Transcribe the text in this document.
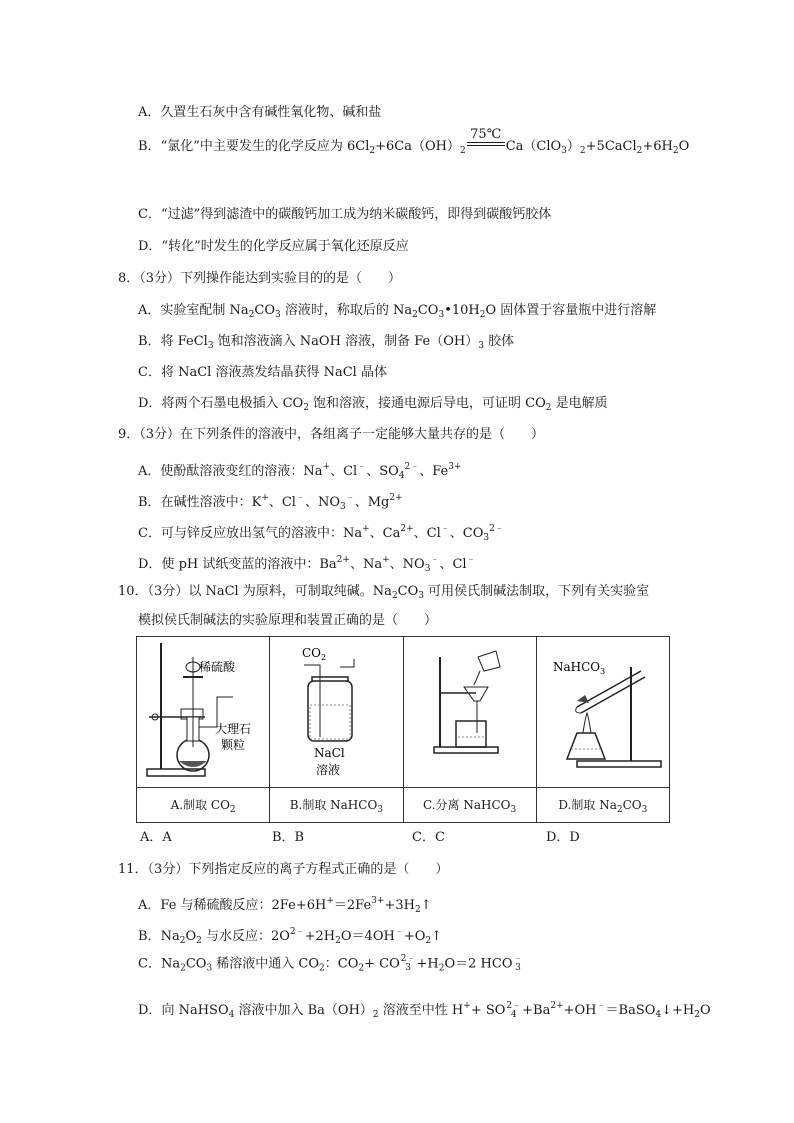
A．久置生石灰中含有碱性氧化物、碱和盐
B．“氯化”中主要发生的化学反应为 $6Cl_2+6Ca(OH)_2$
75℃
$Ca(ClO_3)_2+5CaCl_2+6H_2O$
C．“过滤”得到滤渣中的碳酸钙加工成为纳米碳酸钙，即得到碳酸钙胶体
D．“转化”时发生的化学反应属于氧化还原反应
8．（3分）下列操作能达到实验目的的是（　　）
A．实验室配制 $Na_2CO_3$ 溶液时，称取后的 $Na_2CO_3•10H_2O$ 固体置于容量瓶中进行溶解
B．将 FeCl$_3$ 饱和溶液滴入 NaOH 溶液，制备 $Fe(OH)_3$ 胶体
C．将 NaCl 溶液蒸发结晶获得 NaCl 晶体
D．将两个石墨电极插入 $CO_2$ 饱和溶液，接通电源后导电，可证明 $CO_2$ 是电解质
9．（3分）在下列条件的溶液中，各组离子一定能够大量共存的是（　　）
A．使酚酞溶液变红的溶液：Na+、Cl﹣、$SO_4^{2﹣}$、$Fe^{3+}$
B．在碱性溶液中：K+、Cl﹣、$NO_3^﹣$、$Mg^{2+}$
C．可与锌反应放出氢气的溶液中：Na+、$Ca^{2+}$、Cl﹣、$CO_3^{2﹣}$
D．使 pH 试纸变蓝的溶液中：$Ba^{2+}$、Na+、$NO_3^﹣$、Cl﹣
10．（3分）以 NaCl 为原料，可制取纯碱。$Na_2CO_3$ 可用侯氏制碱法制取，下列有关实验室
模拟侯氏制碱法的实验原理和装置正确的是（　　）
稀硫酸
大理石
颗粒	$CO_2$
NaCl
溶液		NaHCO$_3$

A.制取 $CO_2$	B.制取 NaHCO$_3$	C.分离 NaHCO$_3$	D.制取 $Na_2CO_3$
A．A	B．B	C．C	D．D
11．（3分）下列指定反应的离子方程式正确的是（　　）
A．Fe 与稀硫酸反应：$2Fe+6H^+=2Fe^{3+}+3H_2↑$
B．$Na_2O_2$ 与水反应：$2O^{2﹣}+2H_2O=4OH^﹣+O_2↑$
C．$Na_2CO_3$ 稀溶液中通入 $CO_2$：$CO_2+$ CO 2﹣
$3 +H_2O=2$ HCO ﹣
3
D．向 NaHSO$_4$ 溶液中加入 $Ba(OH)_2$ 溶液至中性 H++ SO 2﹣
$4 +Ba^{2+}+OH^﹣=BaSO_4↓+H_2O$
